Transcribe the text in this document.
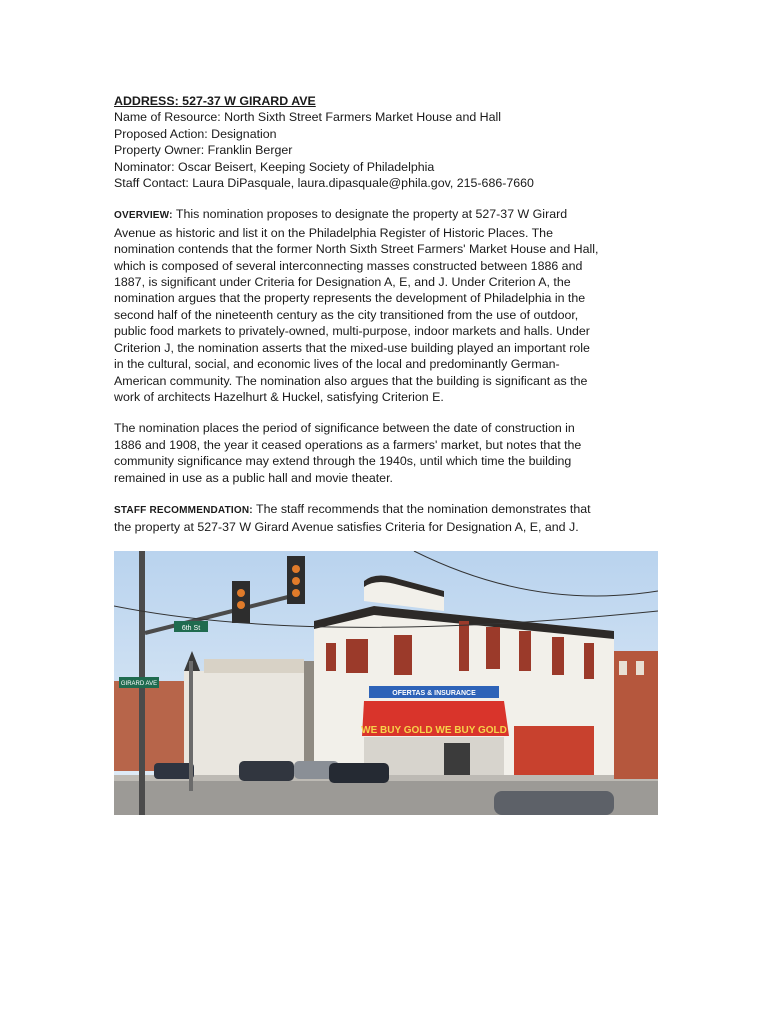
ADDRESS: 527-37 W GIRARD AVE
Name of Resource: North Sixth Street Farmers Market House and Hall
Proposed Action: Designation
Property Owner: Franklin Berger
Nominator: Oscar Beisert, Keeping Society of Philadelphia
Staff Contact: Laura DiPasquale, laura.dipasquale@phila.gov, 215-686-7660
OVERVIEW: This nomination proposes to designate the property at 527-37 W Girard
Avenue as historic and list it on the Philadelphia Register of Historic Places. The
nomination contends that the former North Sixth Street Farmers' Market House and Hall,
which is composed of several interconnecting masses constructed between 1886 and
1887, is significant under Criteria for Designation A, E, and J. Under Criterion A, the
nomination argues that the property represents the development of Philadelphia in the
second half of the nineteenth century as the city transitioned from the use of outdoor,
public food markets to privately-owned, multi-purpose, indoor markets and halls. Under
Criterion J, the nomination asserts that the mixed-use building played an important role
in the cultural, social, and economic lives of the local and predominantly German-
American community. The nomination also argues that the building is significant as the
work of architects Hazelhurt & Huckel, satisfying Criterion E.
The nomination places the period of significance between the date of construction in
1886 and 1908, the year it ceased operations as a farmers' market, but notes that the
community significance may extend through the 1940s, until which time the building
remained in use as a public hall and movie theater.
STAFF RECOMMENDATION: The staff recommends that the nomination demonstrates that
the property at 527-37 W Girard Avenue satisfies Criteria for Designation A, E, and J.
OFERTAS & INSURANCE
WE BUY GOLD WE BUY GOLD
6th St
GIRARD AVE
